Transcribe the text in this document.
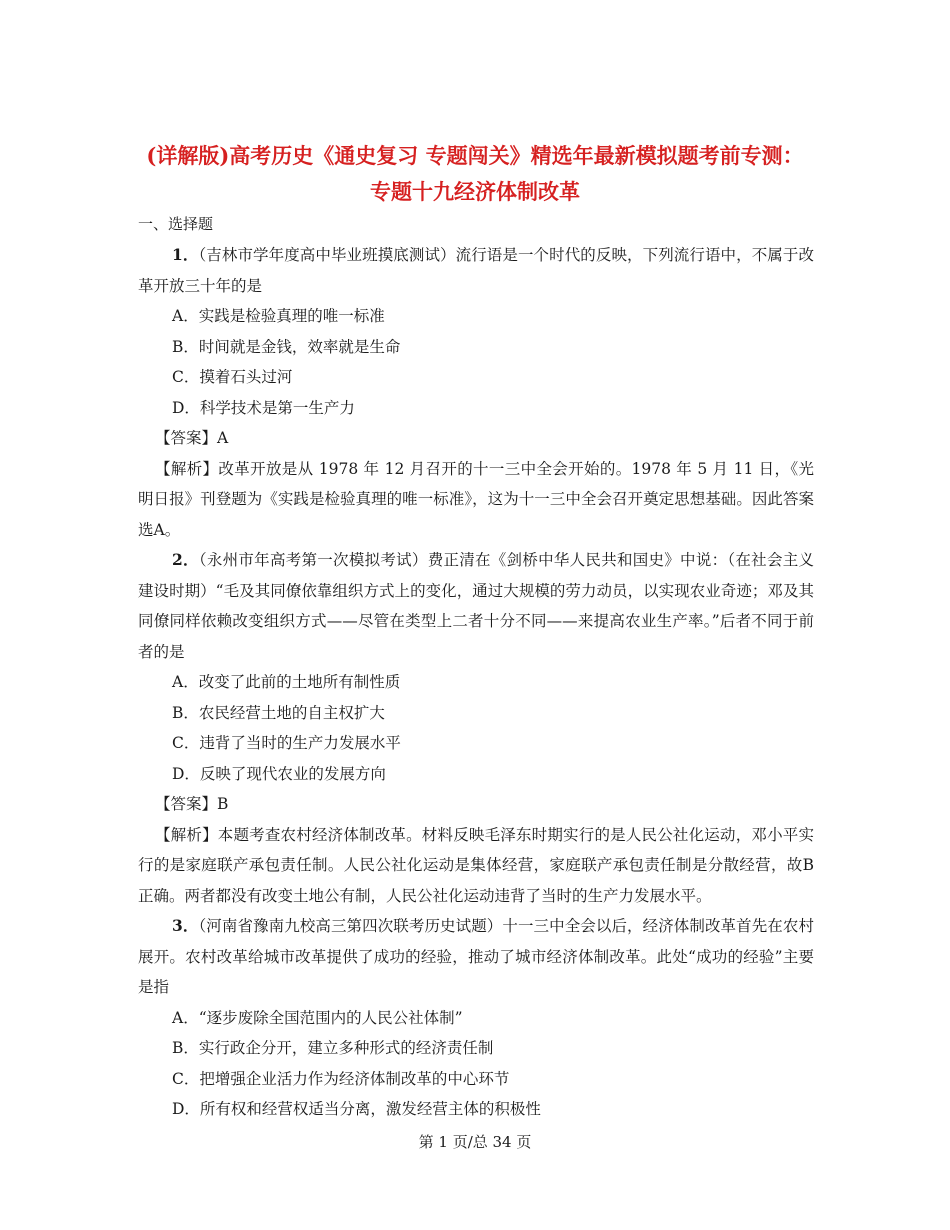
(详解版)高考历史《通史复习 专题闯关》精选年最新模拟题考前专测：
专题十九经济体制改革
一、选择题

1．（吉林市学年度高中毕业班摸底测试）流行语是一个时代的反映，下列流行语中，不属于改革开放三十年的是

A．实践是检验真理的唯一标准

B．时间就是金钱，效率就是生命

C．摸着石头过河

D．科学技术是第一生产力

【答案】A

【解析】改革开放是从 1978 年 12 月召开的十一三中全会开始的。1978 年 5 月 11 日，《光明日报》刊登题为《实践是检验真理的唯一标准》，这为十一三中全会召开奠定思想基础。因此答案选A。

2．（永州市年高考第一次模拟考试）费正清在《剑桥中华人民共和国史》中说：（在社会主义建设时期）“毛及其同僚依靠组织方式上的变化，通过大规模的劳力动员，以实现农业奇迹；邓及其同僚同样依赖改变组织方式——尽管在类型上二者十分不同——来提高农业生产率。”后者不同于前者的是

A．改变了此前的土地所有制性质

B．农民经营土地的自主权扩大

C．违背了当时的生产力发展水平

D．反映了现代农业的发展方向

【答案】B

【解析】本题考查农村经济体制改革。材料反映毛泽东时期实行的是人民公社化运动，邓小平实行的是家庭联产承包责任制。人民公社化运动是集体经营，家庭联产承包责任制是分散经营，故B正确。两者都没有改变土地公有制，人民公社化运动违背了当时的生产力发展水平。

3．（河南省豫南九校高三第四次联考历史试题）十一三中全会以后，经济体制改革首先在农村展开。农村改革给城市改革提供了成功的经验，推动了城市经济体制改革。此处“成功的经验”主要是指

A．“逐步废除全国范围内的人民公社体制”

B．实行政企分开，建立多种形式的经济责任制

C．把增强企业活力作为经济体制改革的中心环节

D．所有权和经营权适当分离，激发经营主体的积极性

第 1 页/总 34 页
